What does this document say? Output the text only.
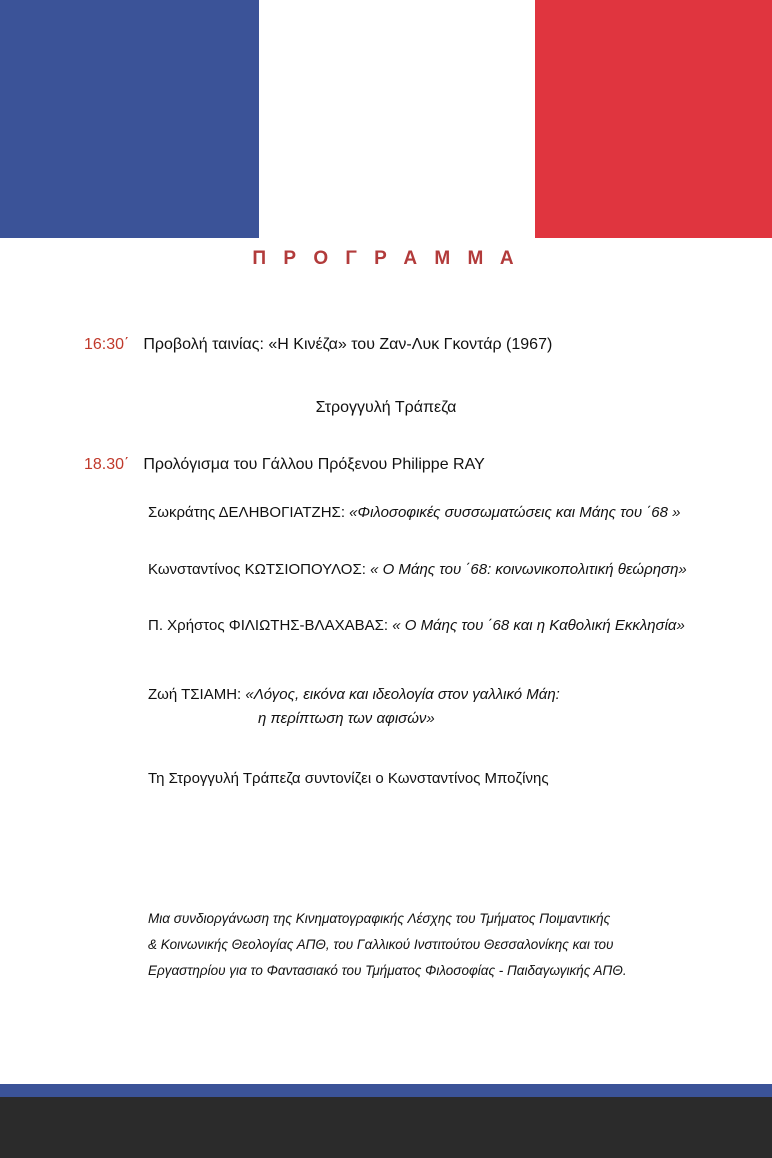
Π Ρ Ο Γ Ρ Α Μ Μ Α
16:30΄ Προβολή ταινίας: «Η Κινέζα» του Ζαν-Λυκ Γκοντάρ (1967)
Στρογγυλή Τράπεζα
18.30΄ Προλόγισμα του Γάλλου Πρόξενου Philippe RAY
Σωκράτης ΔΕΛΗΒΟΓΙΑΤΖΗΣ: «Φιλοσοφικές συσσωματώσεις και Μάης του ΄68 »
Κωνσταντίνος ΚΩΤΣΙΟΠΟΥΛΟΣ: « Ο Μάης του ΄68: κοινωνικοπολιτική θεώρηση»
Π. Χρήστος ΦΙΛΙΩΤΗΣ-ΒΛΑΧΑΒΑΣ: « Ο Μάης του ΄68 και η Καθολική Εκκλησία»
Ζωή ΤΣΙΑΜΗ: «Λόγος, εικόνα και ιδεολογία στον γαλλικό Μάη:
η περίπτωση των αφισών»
Τη Στρογγυλή Τράπεζα συντονίζει ο Κωνσταντίνος Μποζίνης
Μια συνδιοργάνωση της Κινηματογραφικής Λέσχης του Τμήματος Ποιμαντικής
& Κοινωνικής Θεολογίας ΑΠΘ, του Γαλλικού Ινστιτούτου Θεσσαλονίκης και του
Εργαστηρίου για το Φαντασιακό του Τμήματος Φιλοσοφίας - Παιδαγωγικής ΑΠΘ.
